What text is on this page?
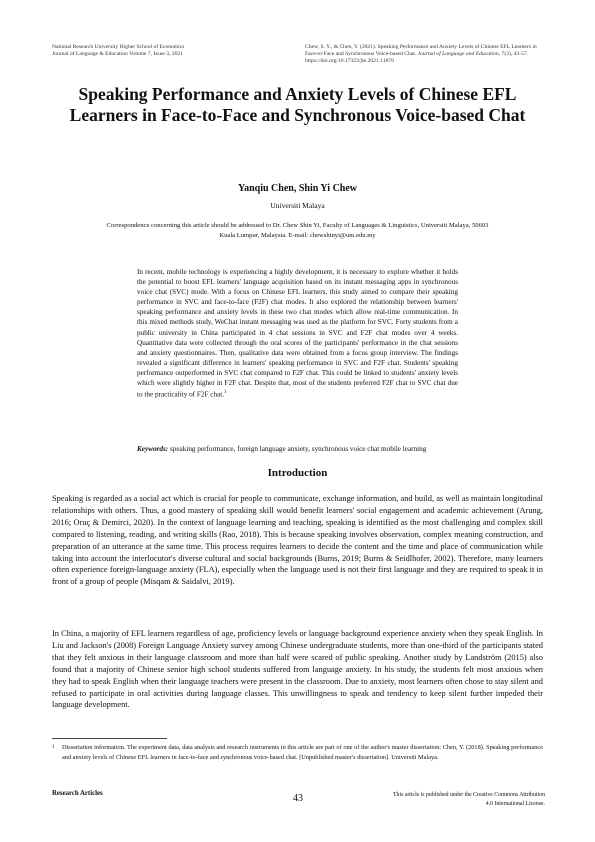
National Research University Higher School of Economics
Journal of Language & Education Volume 7, Issue 3, 2021
Chew, S. Y., & Chen, Y. (2021). Speaking Performance and Anxiety Levels of Chinese EFL Learners in Face-to-Face and Synchronous Voice-based Chat. Journal of Language and Education, 7(3), 43-57. https://doi.org/10.17323/jle.2021.11878
Speaking Performance and Anxiety Levels of Chinese EFL Learners in Face-to-Face and Synchronous Voice-based Chat
Yanqiu Chen, Shin Yi Chew
Universiti Malaya
Correspondence concerning this article should be addressed to Dr. Chew Shin Yi, Faculty of Languages & Linguistics, Universiti Malaya, 50603 Kuala Lumpur, Malaysia. E-mail: chewshinyi@um.edu.my
In recent, mobile technology is experiencing a highly development, it is necessary to explore whether it holds the potential to boost EFL learners' language acquisition based on its instant messaging apps in synchronous voice chat (SVC) mode. With a focus on Chinese EFL learners, this study aimed to compare their speaking performance in SVC and face-to-face (F2F) chat modes. It also explored the relationship between learners' speaking performance and anxiety levels in these two chat modes which allow real-time communication. In this mixed methods study, WeChat instant messaging was used as the platform for SVC. Forty students from a public university in China participated in 4 chat sessions in SVC and F2F chat modes over 4 weeks. Quantitative data were collected through the oral scores of the participants' performance in the chat sessions and anxiety questionnaires. Then, qualitative data were obtained from a focus group interview. The findings revealed a significant difference in learners' speaking performance in SVC and F2F chat. Students' speaking performance outperformed in SVC chat compared to F2F chat. This could be linked to students' anxiety levels which were slightly higher in F2F chat. Despite that, most of the students preferred F2F chat to SVC chat due to the practicality of F2F chat.$^1$
Keywords: speaking performance, foreign language anxiety, synchronous voice chat mobile learning
Introduction
Speaking is regarded as a social act which is crucial for people to communicate, exchange information, and build, as well as maintain longitudinal relationships with others. Thus, a good mastery of speaking skill would benefit learners' social engagement and academic achievement (Arung, 2016; Oruç & Demirci, 2020). In the context of language learning and teaching, speaking is identified as the most challenging and complex skill compared to listening, reading, and writing skills (Rao, 2018). This is because speaking involves observation, complex meaning construction, and preparation of an utterance at the same time. This process requires learners to decide the content and the time and place of communication while taking into account the interlocutor's diverse cultural and social backgrounds (Burns, 2019; Burns & Seidlhofer, 2002). Therefore, many learners often experience foreign-language anxiety (FLA), especially when the language used is not their first language and they are required to speak it in front of a group of people (Misqam & Saidalvi, 2019).
In China, a majority of EFL learners regardless of age, proficiency levels or language background experience anxiety when they speak English. In Liu and Jackson's (2008) Foreign Language Anxiety survey among Chinese undergraduate students, more than one-third of the participants stated that they felt anxious in their language classroom and more than half were scared of public speaking. Another study by Landström (2015) also found that a majority of Chinese senior high school students suffered from language anxiety. In his study, the students felt most anxious when they had to speak English when their language teachers were present in the classroom. Due to anxiety, most learners often chose to stay silent and refused to participate in oral activities during language classes. This unwillingness to speak and tendency to keep silent further impeded their language development.
1	Dissertation information. The experiment data, data analysis and research instruments in this article are part of one of the author's master dissertation: Chen, Y. (2018). Speaking performance and anxiety levels of Chinese EFL learners in face-to-face and synchronous voice-based chat. [Unpublished master's dissertation]. Universiti Malaya.
Research Articles	43	This article is published under the Creative Commons Attribution 4.0 International License.
